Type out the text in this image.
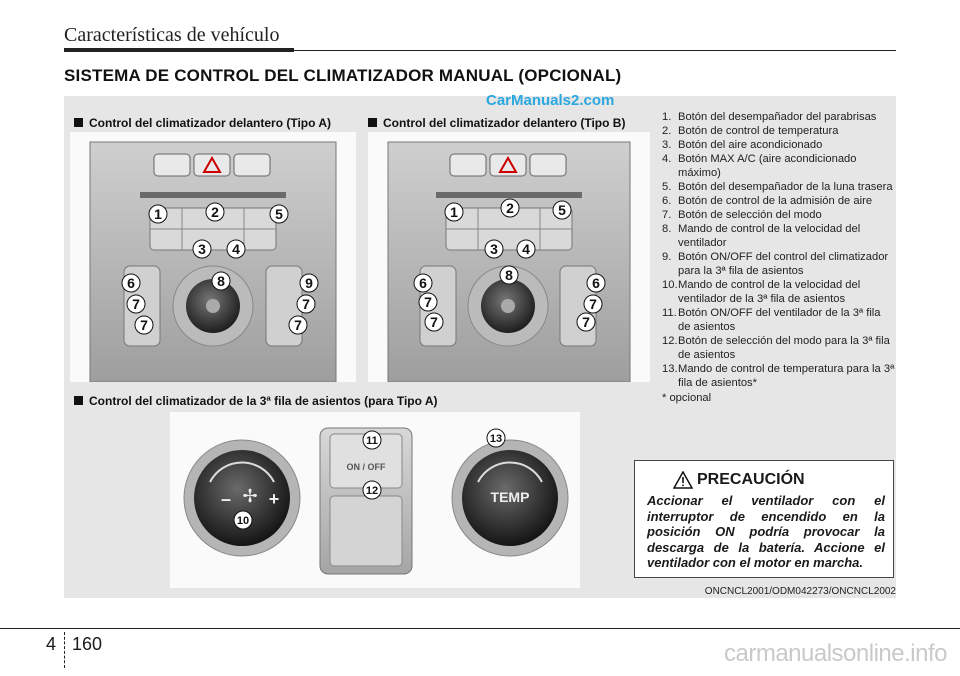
Características de vehículo
SISTEMA DE CONTROL DEL CLIMATIZADOR MANUAL (OPCIONAL)
CarManuals2.com
Control del climatizador delantero (Tipo A)	Control del climatizador delantero (Tipo B)
Control del climatizador de la 3ª fila de asientos (para Tipo A)
1	2	5
3 4
6	8	9
7	7
7	7
1	2	5
3 4
6	8	6
7	7
7	7
ON / OFF
– +
✢	TEMP
11
12
10
13
1. Botón del desempañador del parabrisas
2. Botón de control de temperatura
3. Botón del aire acondicionado
4. Botón MAX A/C (aire acondicionado máximo)
5. Botón del desempañador de la luna trasera
6. Botón de control de la admisión de aire
7. Botón de selección del modo
8. Mando de control de la velocidad del ventilador
9. Botón ON/OFF del control del climatizador para la 3ª fila de asientos
10. Mando de control de la velocidad del ventilador de la 3ª fila de asientos
11. Botón ON/OFF del ventilador de la 3ª fila de asientos
12. Botón de selección del modo para la 3ª fila de asientos
13. Mando de control de temperatura para la 3ª fila de asientos*
* opcional
PRECAUCIÓN
Accionar el ventilador con el interruptor de encendido en la posición ON podría provocar la descarga de la batería. Accione el ventilador con el motor en marcha.
ONCNCL2001/ODM042273/ONCNCL2002
4 160	carmanualsonline.info
